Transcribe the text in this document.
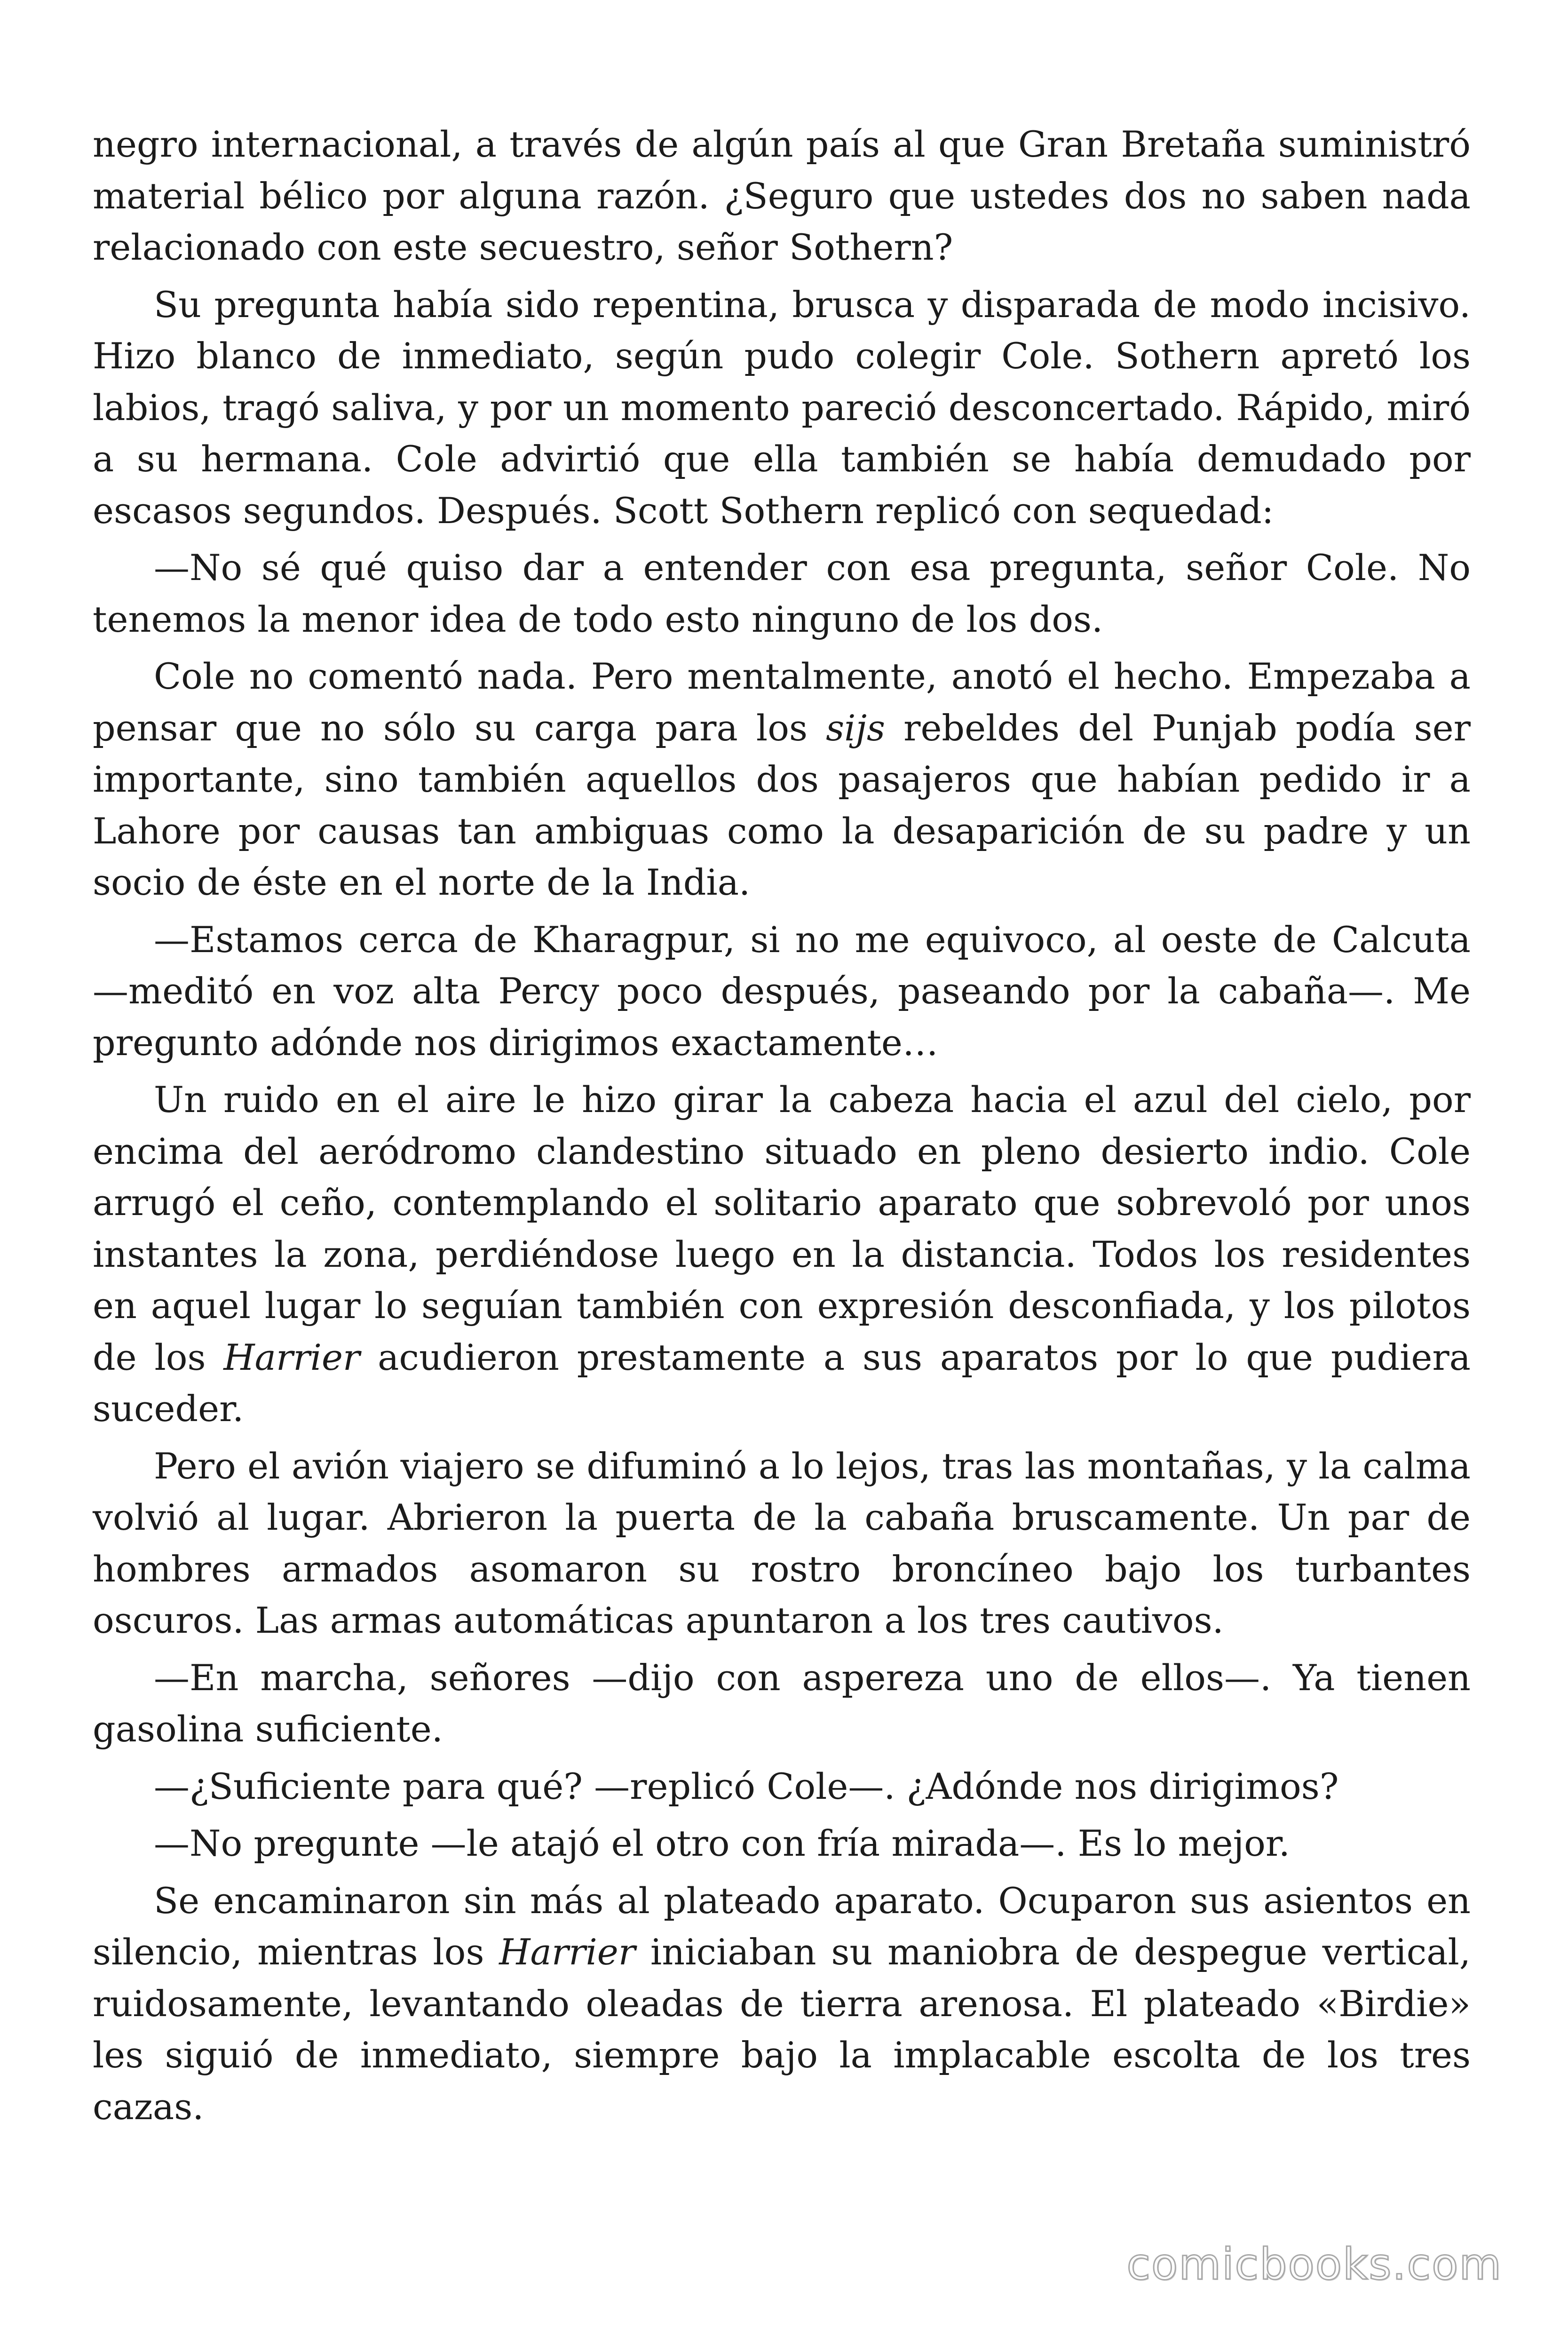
negro internacional, a través de algún país al que Gran Bretaña suministró material bélico por alguna razón. ¿Seguro que ustedes dos no saben nada relacionado con este secuestro, señor Sothern?

Su pregunta había sido repentina, brusca y disparada de modo incisivo. Hizo blanco de inmediato, según pudo colegir Cole. Sothern apretó los labios, tragó saliva, y por un momento pareció desconcertado. Rápido, miró a su hermana. Cole advirtió que ella también se había demudado por escasos segundos. Después. Scott Sothern replicó con sequedad:

—No sé qué quiso dar a entender con esa pregunta, señor Cole. No tenemos la menor idea de todo esto ninguno de los dos.

Cole no comentó nada. Pero mentalmente, anotó el hecho. Empezaba a pensar que no sólo su carga para los sijs rebeldes del Punjab podía ser importante, sino también aquellos dos pasajeros que habían pedido ir a Lahore por causas tan ambiguas como la desaparición de su padre y un socio de éste en el norte de la India.

—Estamos cerca de Kharagpur, si no me equivoco, al oeste de Calcuta —meditó en voz alta Percy poco después, paseando por la cabaña—. Me pregunto adónde nos dirigimos exactamente…

Un ruido en el aire le hizo girar la cabeza hacia el azul del cielo, por encima del aeródromo clandestino situado en pleno desierto indio. Cole arrugó el ceño, contemplando el solitario aparato que sobrevoló por unos instantes la zona, perdiéndose luego en la distancia. Todos los residentes en aquel lugar lo seguían también con expresión desconfiada, y los pilotos de los Harrier acudieron prestamente a sus aparatos por lo que pudiera suceder.

Pero el avión viajero se difuminó a lo lejos, tras las montañas, y la calma volvió al lugar. Abrieron la puerta de la cabaña bruscamente. Un par de hombres armados asomaron su rostro broncíneo bajo los turbantes oscuros. Las armas automáticas apuntaron a los tres cautivos.

—En marcha, señores —dijo con aspereza uno de ellos—. Ya tienen gasolina suficiente.

—¿Suficiente para qué? —replicó Cole—. ¿Adónde nos dirigimos?

—No pregunte —le atajó el otro con fría mirada—. Es lo mejor.

Se encaminaron sin más al plateado aparato. Ocuparon sus asientos en silencio, mientras los Harrier iniciaban su maniobra de despegue vertical, ruidosamente, levantando oleadas de tierra arenosa. El plateado «Birdie» les siguió de inmediato, siempre bajo la implacable escolta de los tres cazas.

comicbooks.com
